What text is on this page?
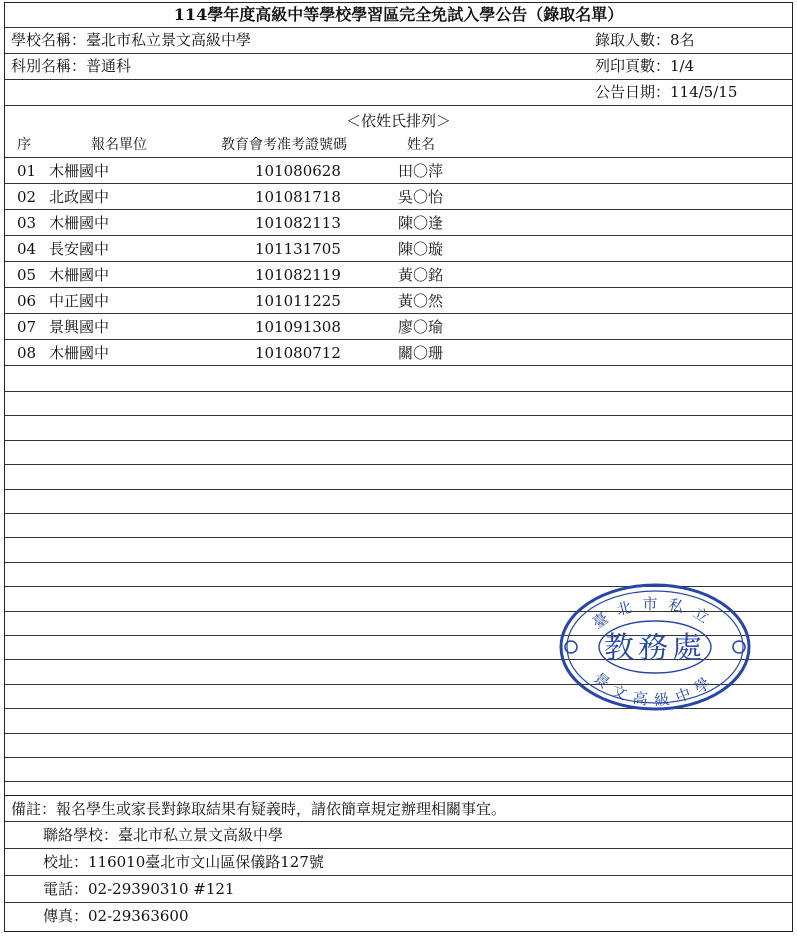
114學年度高級中等學校學習區完全免試入學公告（錄取名單）
學校名稱：臺北市私立景文高級中學	錄取人數：8名
科別名稱：普通科	列印頁數：1/4
公告日期：114/5/15
＜依姓氏排列＞
序	報名單位	教育會考准考證號碼	姓名
01 木柵國中	101080628	田〇萍
02 北政國中	101081718	吳〇怡
03 木柵國中	101082113	陳〇逢
04 長安國中	101131705	陳〇璇
05 木柵國中	101082119	黃〇銘
06 中正國中	101011225	黃〇然
07 景興國中	101091308	廖〇瑜
08 木柵國中	101080712	關〇珊
備註：報名學生或家長對錄取結果有疑義時，請依簡章規定辦理相關事宜。
聯絡學校：臺北市私立景文高級中學
校址：116010臺北市文山區保儀路127號
電話：02-29390310 #121
傳真：02-29363600
臺北市私立
景文高級中學
教務處
